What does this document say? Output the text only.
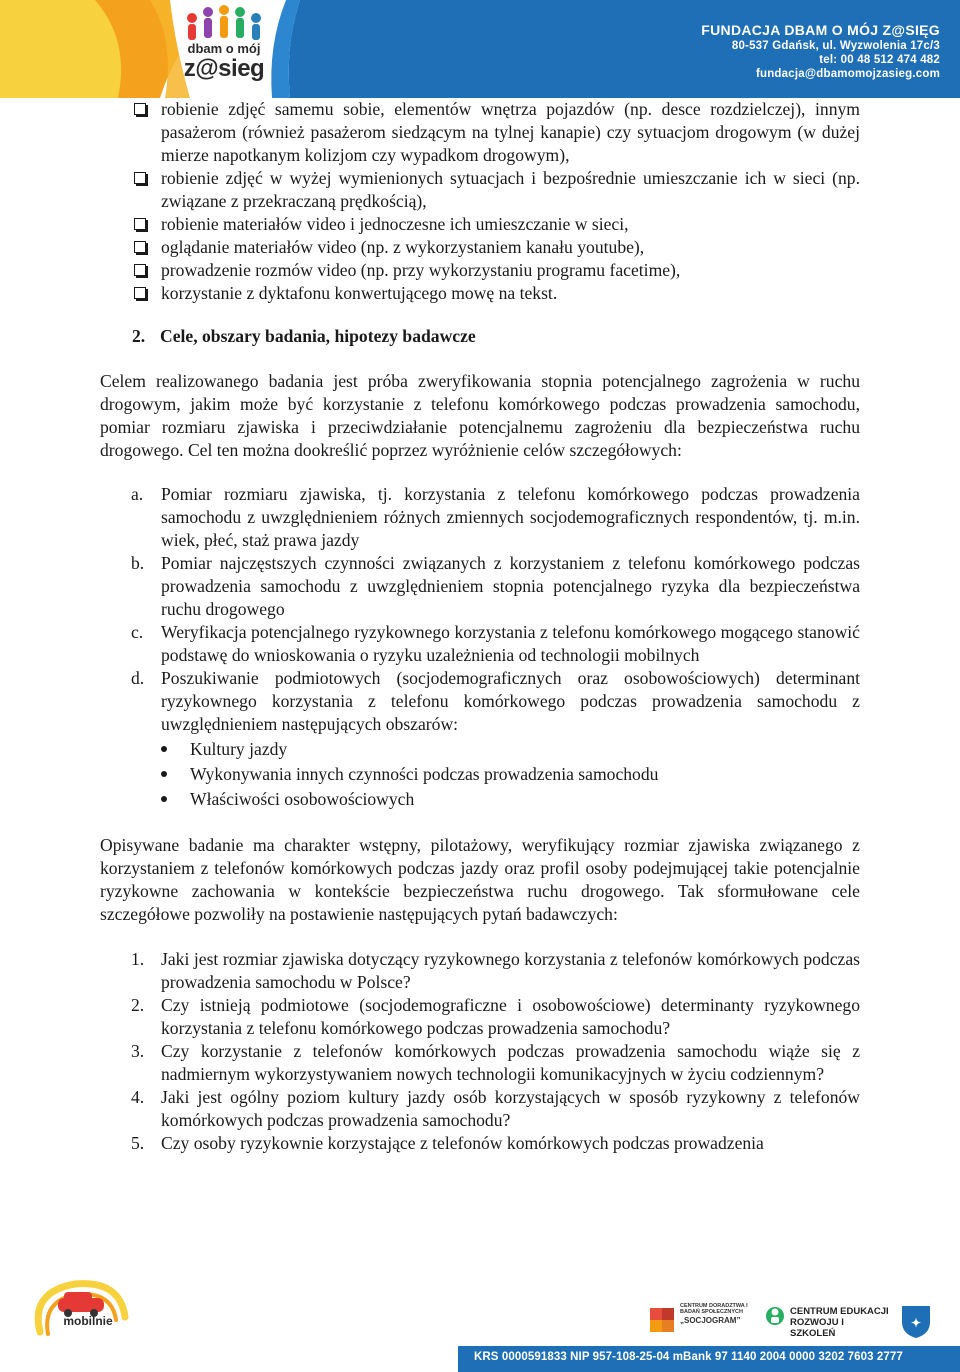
dbam o mój
z@sieg
FUNDACJA DBAM O MÓJ Z@SIĘG
80-537 Gdańsk, ul. Wyzwolenia 17c/3
tel: 00 48 512 474 482
fundacja@dbamomojzasieg.com
robienie zdjęć samemu sobie, elementów wnętrza pojazdów (np. desce rozdzielczej), innym pasażerom (również pasażerom siedzącym na tylnej kanapie) czy sytuacjom drogowym (w dużej mierze napotkanym kolizjom czy wypadkom drogowym),
robienie zdjęć w wyżej wymienionych sytuacjach i bezpośrednie umieszczanie ich w sieci (np. związane z przekraczaną prędkością),
robienie materiałów video i jednoczesne ich umieszczanie w sieci,
oglądanie materiałów video (np. z wykorzystaniem kanału youtube),
prowadzenie rozmów video (np. przy wykorzystaniu programu facetime),
korzystanie z dyktafonu konwertującego mowę na tekst.
2. Cele, obszary badania, hipotezy badawcze

Celem realizowanego badania jest próba zweryfikowania stopnia potencjalnego zagrożenia w ruchu drogowym, jakim może być korzystanie z telefonu komórkowego podczas prowadzenia samochodu, pomiar rozmiaru zjawiska i przeciwdziałanie potencjalnemu zagrożeniu dla bezpieczeństwa ruchu drogowego. Cel ten można dookreślić poprzez wyróżnienie celów szczegółowych:

a. Pomiar rozmiaru zjawiska, tj. korzystania z telefonu komórkowego podczas prowadzenia samochodu z uwzględnieniem różnych zmiennych socjodemograficznych respondentów, tj. m.in. wiek, płeć, staż prawa jazdy
b. Pomiar najczęstszych czynności związanych z korzystaniem z telefonu komórkowego podczas prowadzenia samochodu z uwzględnieniem stopnia potencjalnego ryzyka dla bezpieczeństwa ruchu drogowego
c. Weryfikacja potencjalnego ryzykownego korzystania z telefonu komórkowego mogącego stanowić podstawę do wnioskowania o ryzyku uzależnienia od technologii mobilnych
d. Poszukiwanie podmiotowych (socjodemograficznych oraz osobowościowych) determinant ryzykownego korzystania z telefonu komórkowego podczas prowadzenia samochodu z uwzględnieniem następujących obszarów:
Kultury jazdy
Wykonywania innych czynności podczas prowadzenia samochodu
Właściwości osobowościowych

Opisywane badanie ma charakter wstępny, pilotażowy, weryfikujący rozmiar zjawiska związanego z korzystaniem z telefonów komórkowych podczas jazdy oraz profil osoby podejmującej takie potencjalnie ryzykowne zachowania w kontekście bezpieczeństwa ruchu drogowego. Tak sformułowane cele szczegółowe pozwoliły na postawienie następujących pytań badawczych:

1. Jaki jest rozmiar zjawiska dotyczący ryzykownego korzystania z telefonów komórkowych podczas prowadzenia samochodu w Polsce?
2. Czy istnieją podmiotowe (socjodemograficzne i osobowościowe) determinanty ryzykownego korzystania z telefonu komórkowego podczas prowadzenia samochodu?
3. Czy korzystanie z telefonów komórkowych podczas prowadzenia samochodu wiąże się z nadmiernym wykorzystywaniem nowych technologii komunikacyjnych w życiu codziennym?
4. Jaki jest ogólny poziom kultury jazdy osób korzystających w sposób ryzykowny z telefonów komórkowych podczas prowadzenia samochodu?
5. Czy osoby ryzykownie korzystające z telefonów komórkowych podczas prowadzenia
✦
mobilnie
CENTRUM DORADZTWA I BADAŃ SPOŁECZNYCH
„SOCJOGRAM”
CENTRUM EDUKACJI ROZWOJU I SZKOLEŃ
KRS 0000591833 NIP 957-108-25-04 mBank 97 1140 2004 0000 3202 7603 2777
